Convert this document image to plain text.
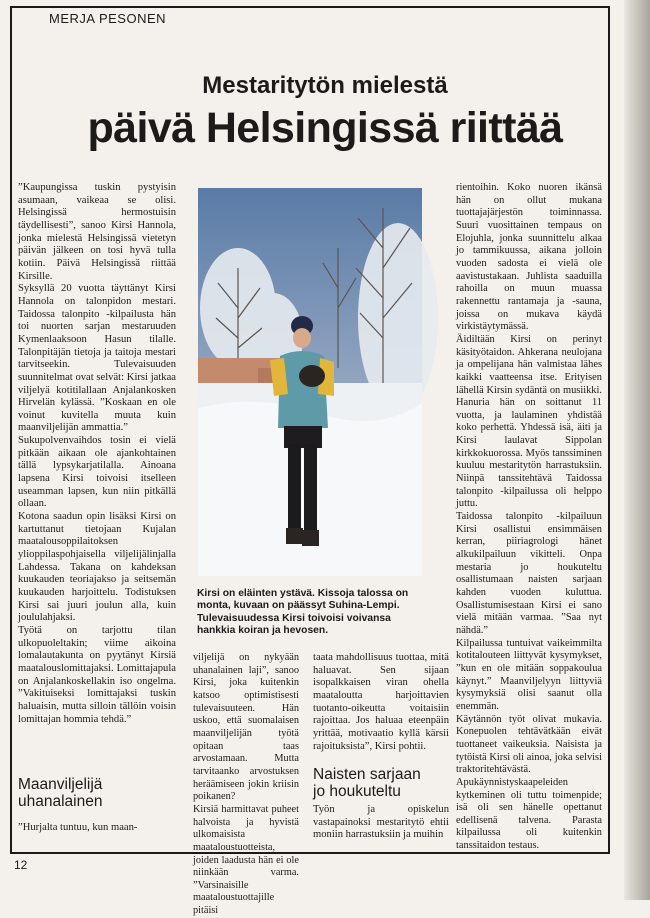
MERJA PESONEN
Mestaritytön mielestä
päivä Helsingissä riittää
”Kaupungissa tuskin pystyisin asumaan, vaikeaa se olisi. Helsingissä hermostuisin täydellisesti”, sanoo Kirsi Hannola, jonka mielestä Helsingissä vietetyn päivän jälkeen on tosi hyvä tulla kotiin. Päivä Helsingissä riittää Kirsille.
Syksyllä 20 vuotta täyttänyt Kirsi Hannola on talonpidon mestari. Taidossa talonpito -kilpailusta hän toi nuorten sarjan mestaruuden Kymenlaaksoon Hasun tilalle. Talonpitäjän tietoja ja taitoja mestari tarvitseekin. Tulevaisuuden suunnitelmat ovat selvät: Kirsi jatkaa viljelyä kotitilallaan Anjalankosken Hirvelän kylässä. ”Koskaan en ole voinut kuvitella muuta kuin maanviljelijän ammattia.”
Sukupolvenvaihdos tosin ei vielä pitkään aikaan ole ajankohtainen tällä lypsykarjatilalla. Ainoana lapsena Kirsi toivoisi itselleen useamman lapsen, kun niin pitkällä ollaan.
Kotona saadun opin lisäksi Kirsi on kartuttanut tietojaan Kujalan maatalousoppilaitoksen ylioppilaspohjaisella viljelijälinjalla Lahdessa. Takana on kahdeksan kuukauden teoriajakso ja seitsemän kuukauden harjoittelu. Todistuksen Kirsi sai juuri joulun alla, kuin joululahjaksi.
Työtä on tarjottu tilan ulkopuoleltakin; viime aikoina lomalautakunta on pyytänyt Kirsiä maatalouslomittajaksi. Lomittajapula on Anjalankoskellakin iso ongelma. ”Vakituiseksi lomittajaksi tuskin haluaisin, mutta silloin tällöin voisin lomittajan hommia tehdä.”
Maanviljelijä
uhanalainen
”Hurjalta tuntuu, kun maan-
Kirsi on eläinten ystävä. Kissoja talossa on monta, kuvaan on päässyt Suhina-Lempi. Tulevaisuudessa Kirsi toivoisi voivansa hankkia koiran ja hevosen.
viljelijä on nykyään uhanalainen laji”, sanoo Kirsi, joka kuitenkin katsoo optimistisesti tulevaisuuteen. Hän uskoo, että suomalaisen maanviljelijän työtä opitaan taas arvostamaan. Mutta tarvitaanko arvostuksen heräämiseen jokin kriisin poikanen?
Kirsiä harmittavat puheet halvoista ja hyvistä ulkomaisista maataloustuotteista, joiden laadusta hän ei ole niinkään varma. ”Varsinaisille maataloustuottajille pitäisi
taata mahdollisuus tuottaa, mitä haluavat. Sen sijaan isopalkkaisen viran ohella maataloutta harjoittavien tuotanto-oikeutta voitaisiin rajoittaa. Jos haluaa eteenpäin yrittää, motivaatio kyllä kärsii rajoituksista”, Kirsi pohtii.
Naisten sarjaan
jo houkuteltu
Työn ja opiskelun vastapainoksi mestaritytö ehtii moniin harrastuksiin ja muihin
rientoihin. Koko nuoren ikänsä hän on ollut mukana tuottajajärjestön toiminnassa. Suuri vuosittainen tempaus on Elojuhla, jonka suunnittelu alkaa jo tammikuussa, aikana jolloin vuoden sadosta ei vielä ole aavistustakaan. Juhlista saaduilla rahoilla on muun muassa rakennettu rantamaja ja -sauna, joissa on mukava käydä virkistäytymässä.
Äidiltään Kirsi on perinyt käsityötaidon. Ahkerana neulojana ja ompelijana hän valmistaa lähes kaikki vaatteensa itse. Erityisen lähellä Kirsin sydäntä on musiikki. Hanuria hän on soittanut 11 vuotta, ja laulaminen yhdistää koko perhettä. Yhdessä isä, äiti ja Kirsi laulavat Sippolan kirkkokuorossa. Myös tanssiminen kuuluu mestaritytön harrastuksiin. Niinpä tanssitehtävä Taidossa talonpito -kilpailussa oli helppo juttu.
Taidossa talonpito -kilpailuun Kirsi osallistui ensimmäisen kerran, piiriagrologi hänet alkukilpailuun vikitteli. Onpa mestaria jo houkuteltu osallistumaan naisten sarjaan kahden vuoden kuluttua. Osallistumisestaan Kirsi ei sano vielä mitään varmaa. ”Saa nyt nähdä.”
Kilpailussa tuntuivat vaikeimmilta kotitalouteen liittyvät kysymykset, ”kun en ole mitään soppakoulua käynyt.” Maanviljelyyn liittyviä kysymyksiä olisi saanut olla enemmän.
Käytännön työt olivat mukavia. Konepuolen tehtävätkään eivät tuottaneet vaikeuksia. Naisista ja tytöistä Kirsi oli ainoa, joka selvisi traktoritehtävästä. Apukäynnistyskaapeleiden kytkeminen oli tuttu toimenpide; isä oli sen hänelle opettanut edellisenä talvena. Parasta kilpailussa oli kuitenkin tanssitaidon testaus.
12
